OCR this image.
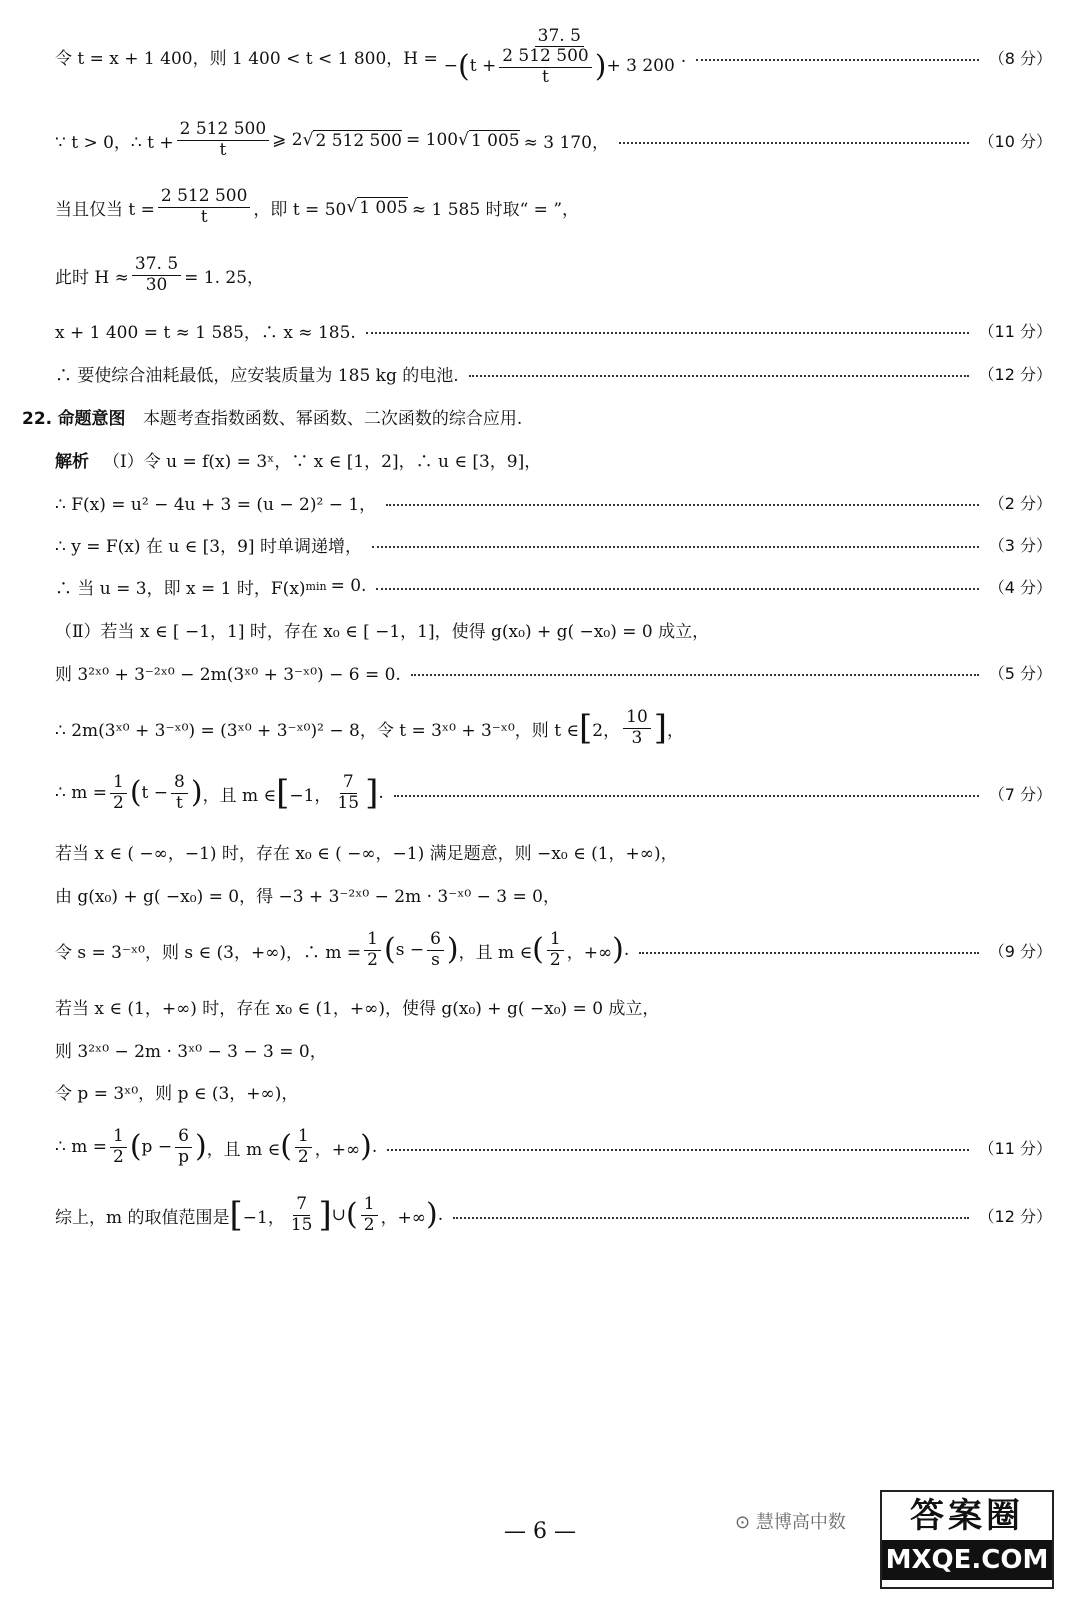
令 t = x + 1 400，则 1 400 < t < 1 800，H =
37. 5
− ( $t + \frac{2 512 500}{t}$ ) + 3 200 .	（8 分）
∵ t > 0，∴ $t + \frac{2 512 500}{t}$ ⩾ 2 √ 2 512 500 = 100 √ 1 005 ≈ 3 170，	（10 分）
当且仅当 $t = \frac{2 512 500}{t}$ ，即 t = 50 √ 1 005 ≈ 1 585 时取“ = ”，
此时 $H \approx \frac{37. 5}{30} = 1$. 25，
x + 1 400 = t ≈ 1 585，∴ x ≈ 185.	（11 分）
∴ 要使综合油耗最低，应安装质量为 185 kg 的电池.	（12 分）
22. 命题意图 本题考查指数函数、幂函数、二次函数的综合应用.
解析 （Ⅰ）令 u = f(x) = 3ˣ，∵ x ∈ [1，2]，∴ u ∈ [3，9]，
∴ F(x) = u² − 4u + 3 = (u − 2)² − 1，	（2 分）
∴ y = F(x) 在 u ∈ [3，9] 时单调递增，	（3 分）
∴ 当 u = 3，即 x = 1 时，F(x) min = 0.	（4 分）
（Ⅱ）若当 x ∈ [ −1，1] 时，存在 x₀ ∈ [ −1，1]，使得 g(x₀) + g( −x₀) = 0 成立，
则 3²ˣ⁰ + 3⁻²ˣ⁰ − 2m(3ˣ⁰ + 3⁻ˣ⁰) − 6 = 0.	（5 分）
∴ 2m(3ˣ⁰ + 3⁻ˣ⁰) = (3ˣ⁰ + 3⁻ˣ⁰)² − 8，令 t = 3ˣ⁰ + 3⁻ˣ⁰，则 t ∈ [ 2， $\frac{10}{3}$ ] ，
∴ $m = \frac{1}{2}$ ( $t - \frac{8}{t}$ ) ，且 m ∈ [ −1， $\frac{7}{15}$ ] .	（7 分）
若当 x ∈ ( −∞，−1) 时，存在 x₀ ∈ ( −∞，−1) 满足题意，则 −x₀ ∈ (1，+∞)，
由 g(x₀) + g( −x₀) = 0，得 −3 + 3⁻²ˣ⁰ − 2m · 3⁻ˣ⁰ − 3 = 0，
令 s = 3⁻ˣ⁰，则 s ∈ (3，+∞)，∴ $m = \frac{1}{2}$ ( $s - \frac{6}{s}$ ) ，且 m ∈ ( $\frac{1}{2}$ ，+∞ ) .	（9 分）
若当 x ∈ (1，+∞) 时，存在 x₀ ∈ (1，+∞)，使得 g(x₀) + g( −x₀) = 0 成立，
则 3²ˣ⁰ − 2m · 3ˣ⁰ − 3 − 3 = 0，
令 p = 3ˣ⁰，则 p ∈ (3，+∞)，
∴ $m = \frac{1}{2}$ ( $p - \frac{6}{p}$ ) ，且 m ∈ ( $\frac{1}{2}$ ，+∞ ) .	（11 分）
综上，m 的取值范围是 [ −1， $\frac{7}{15}$ ] ∪ ( $\frac{1}{2}$ ，+∞ ) .	（12 分）
— 6 —	⊙ 慧博高中数	答案圈
MXQE.COM
